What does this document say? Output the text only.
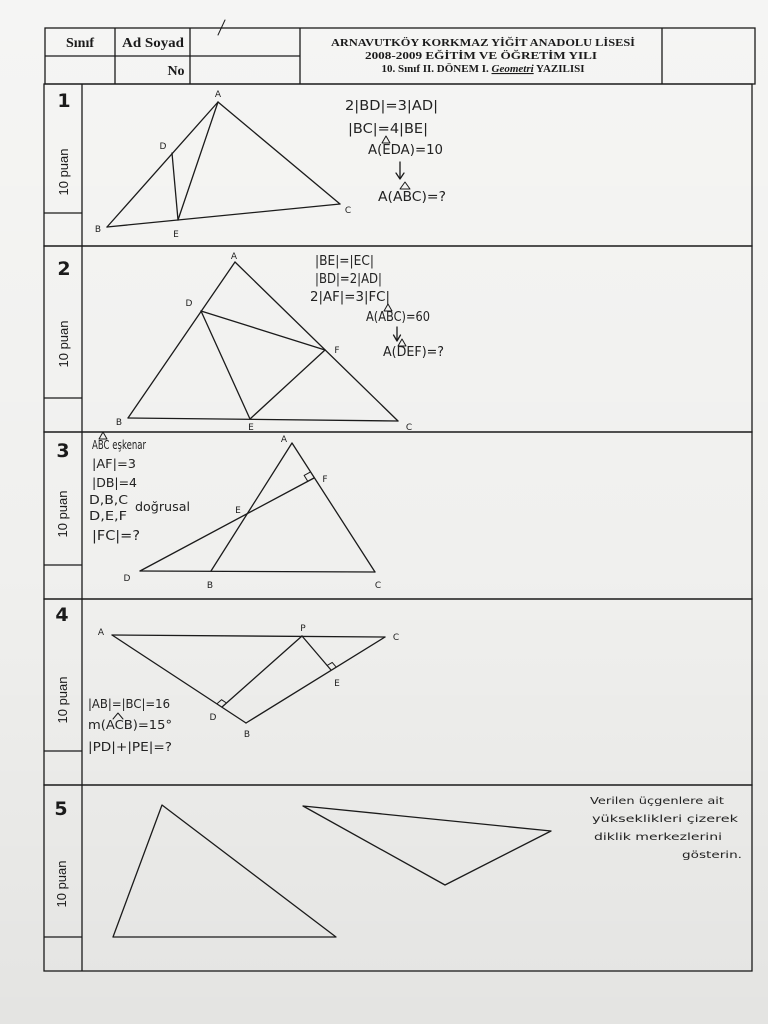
Sınıf Ad Soyad
No
ARNAVUTKÖY KORKMAZ YİĞİT ANADOLU LİSESİ
2008-2009 EĞİTİM VE ÖĞRETİM YILI
10. Sınıf II. DÖNEM I. Geometri YAZILISI
1
2
3
4
5
10 puan
10 puan
10 puan
10 puan
10 puan
A
D
B	E
C
2|BD|=3|AD|
|BC|=4|BE|
A(EDA)=10
A(ABC)=?
A
D
F
B	E	C
|BE|=|EC|
|BD|=2|AD|
2|AF|=3|FC|
A(ABC)=60
A(DEF)=?
A
F
E
D
B	C
ABC eşkenar
|AF|=3
|DB|=4
D,B,C
D,E,F
doğrusal
|FC|=?
A	P
C
D
E
B
|AB|=|BC|=16
m(ACB)=15°
|PD|+|PE|=?
Verilen üçgenlere ait
yükseklikleri çizerek
diklik merkezlerini
gösterin.
